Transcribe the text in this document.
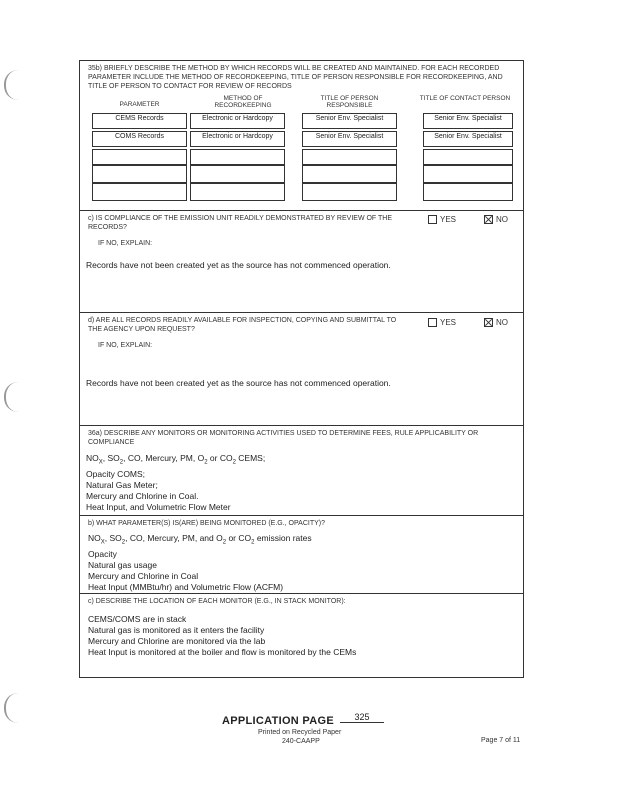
35b) BRIEFLY DESCRIBE THE METHOD BY WHICH RECORDS WILL BE CREATED AND MAINTAINED. FOR EACH RECORDED PARAMETER INCLUDE THE METHOD OF RECORDKEEPING, TITLE OF PERSON RESPONSIBLE FOR RECORDKEEPING, AND TITLE OF PERSON TO CONTACT FOR REVIEW OF RECORDS
PARAMETER
METHOD OF RECORDKEEPING
TITLE OF PERSON RESPONSIBLE
TITLE OF CONTACT PERSON
CEMS Records	Electronic or Hardcopy	Senior Env. Specialist	Senior Env. Specialist
COMS Records	Electronic or Hardcopy	Senior Env. Specialist	Senior Env. Specialist
c) IS COMPLIANCE OF THE EMISSION UNIT READILY DEMONSTRATED BY REVIEW OF THE RECORDS?
YES	NO
IF NO, EXPLAIN:
Records have not been created yet as the source has not commenced operation.
d) ARE ALL RECORDS READILY AVAILABLE FOR INSPECTION, COPYING AND SUBMITTAL TO THE AGENCY UPON REQUEST?
YES	NO
IF NO, EXPLAIN:
Records have not been created yet as the source has not commenced operation.
36a) DESCRIBE ANY MONITORS OR MONITORING ACTIVITIES USED TO DETERMINE FEES, RULE APPLICABILITY OR COMPLIANCE
$NO_X$, $SO_2$, CO, Mercury, PM, $O_2$ or $CO_2$ CEMS;
Opacity COMS;
Natural Gas Meter;
Mercury and Chlorine in Coal.
Heat Input, and Volumetric Flow Meter
b) WHAT PARAMETER(S) IS(ARE) BEING MONITORED (E.G., OPACITY)?
$NO_X$, $SO_2$, CO, Mercury, PM, and $O_2$ or $CO_2$ emission rates
Opacity
Natural gas usage
Mercury and Chlorine in Coal
Heat Input (MMBtu/hr) and Volumetric Flow (ACFM)
c) DESCRIBE THE LOCATION OF EACH MONITOR (E.G., IN STACK MONITOR):
CEMS/COMS are in stack
Natural gas is monitored as it enters the facility
Mercury and Chlorine are monitored via the lab
Heat Input is monitored at the boiler and flow is monitored by the CEMs
APPLICATION PAGE	325
Printed on Recycled Paper
240-CAAPP	Page 7 of 11
